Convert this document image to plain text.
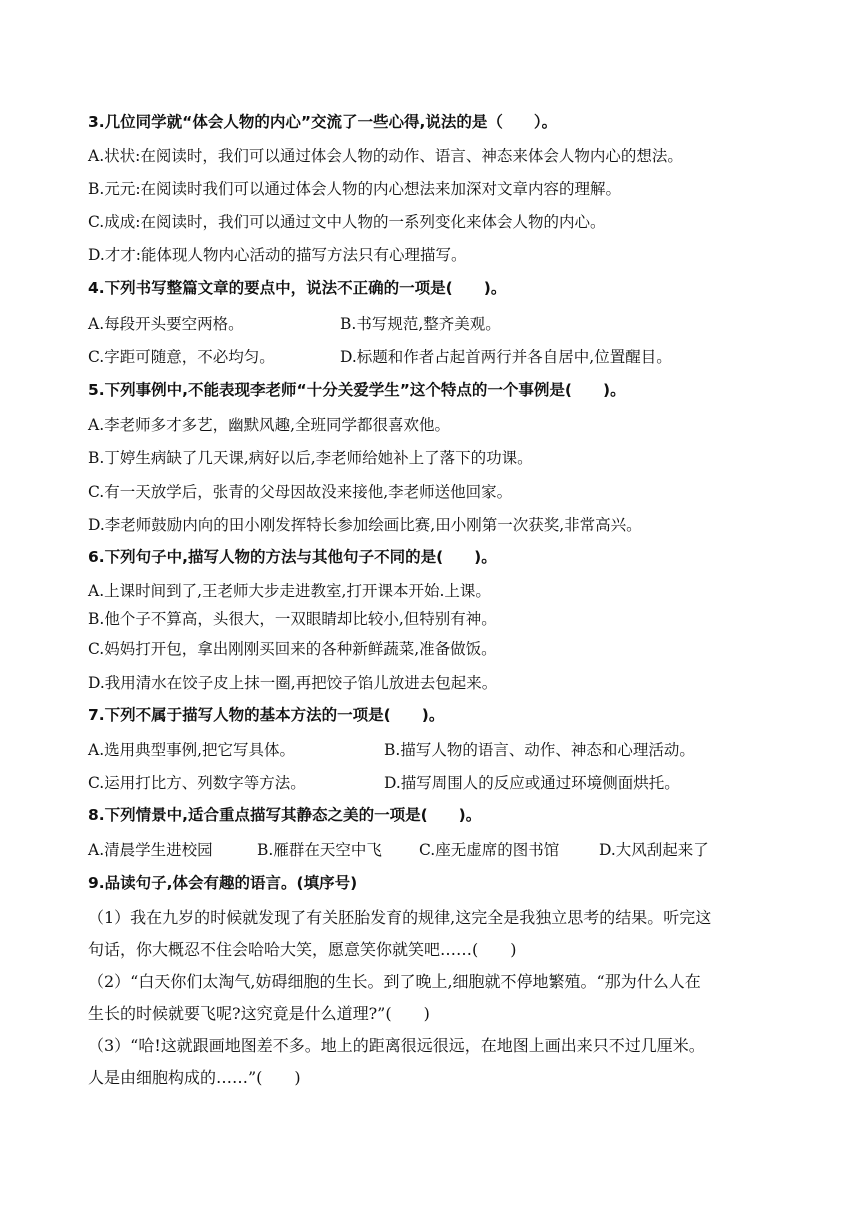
3.几位同学就“体会人物的内心”交流了一些心得,说法的是（　　）。
A.状状:在阅读时，我们可以通过体会人物的动作、语言、神态来体会人物内心的想法。
B.元元:在阅读时我们可以通过体会人物的内心想法来加深对文章内容的理解。
C.成成:在阅读时，我们可以通过文中人物的一系列变化来体会人物的内心。
D.才才:能体现人物内心活动的描写方法只有心理描写。
4.下列书写整篇文章的要点中，说法不正确的一项是(　　)。
A.每段开头要空两格。	B.书写规范,整齐美观。
C.字距可随意，不必均匀。	D.标题和作者占起首两行并各自居中,位置醒目。
5.下列事例中,不能表现李老师“十分关爱学生”这个特点的一个事例是(　　)。
A.李老师多才多艺，幽默风趣,全班同学都很喜欢他。
B.丁婷生病缺了几天课,病好以后,李老师给她补上了落下的功课。
C.有一天放学后，张青的父母因故没来接他,李老师送他回家。
D.李老师鼓励内向的田小刚发挥特长参加绘画比赛,田小刚第一次获奖,非常高兴。
6.下列句子中,描写人物的方法与其他句子不同的是(　　)。
A.上课时间到了,王老师大步走进教室,打开课本开始.上课。
B.他个子不算高，头很大，一双眼睛却比较小,但特别有神。
C.妈妈打开包，拿出刚刚买回来的各种新鲜蔬菜,准备做饭。
D.我用清水在饺子皮上抹一圈,再把饺子馅儿放进去包起来。
7.下列不属于描写人物的基本方法的一项是(　　)。
A.选用典型事例,把它写具体。	B.描写人物的语言、动作、神态和心理活动。
C.运用打比方、列数字等方法。	D.描写周围人的反应或通过环境侧面烘托。
8.下列情景中,适合重点描写其静态之美的一项是(　　)。
A.清晨学生进校园	B.雁群在天空中飞 C.座无虚席的图书馆	D.大风刮起来了
9.品读句子,体会有趣的语言。(填序号)
（1）我在九岁的时候就发现了有关胚胎发育的规律,这完全是我独立思考的结果。听完这
句话，你大概忍不住会哈哈大笑，愿意笑你就笑吧……(　　)
（2）“白天你们太淘气,妨碍细胞的生长。到了晚上,细胞就不停地繁殖。“那为什么人在
生长的时候就要飞呢?这究竟是什么道理?”(　　)
（3）“哈!这就跟画地图差不多。地上的距离很远很远，在地图上画出来只不过几厘米。
人是由细胞构成的……”(　　)
